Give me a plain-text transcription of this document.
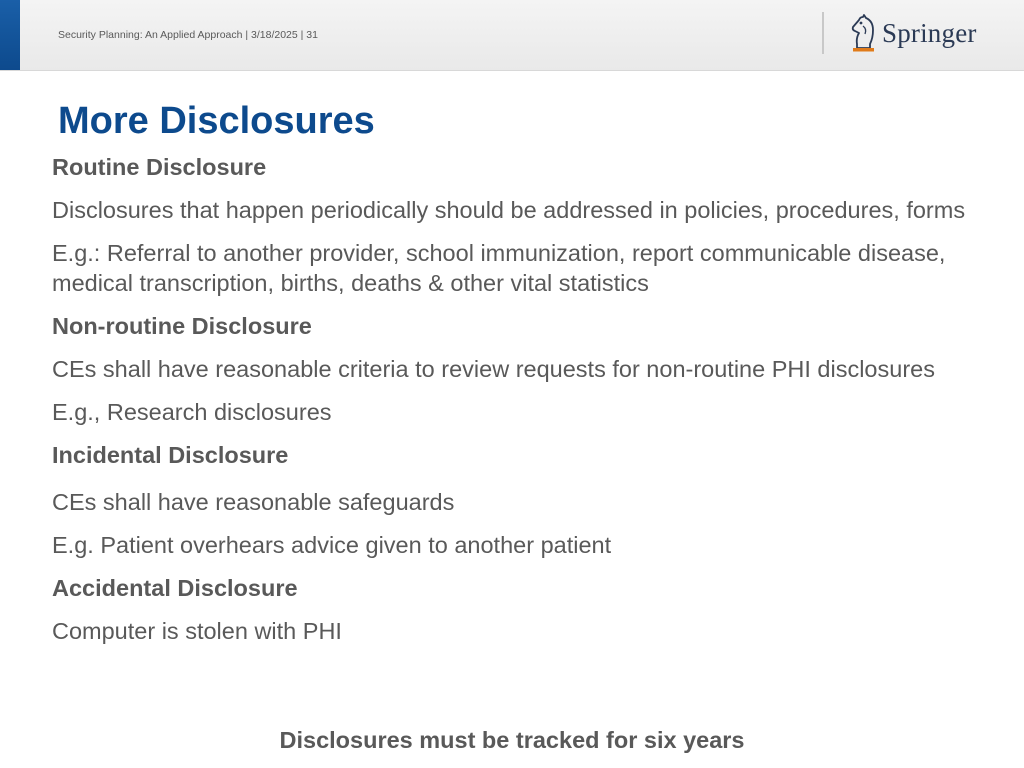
Security Planning: An Applied Approach | 3/18/2025 | 31	Springer
More Disclosures

Routine Disclosure

Disclosures that happen periodically should be addressed in policies, procedures, forms

E.g.: Referral to another provider, school immunization, report communicable disease, medical transcription, births, deaths & other vital statistics

Non-routine Disclosure

CEs shall have reasonable criteria to review requests for non-routine PHI disclosures

E.g., Research disclosures

Incidental Disclosure

CEs shall have reasonable safeguards

E.g. Patient overhears advice given to another patient

Accidental Disclosure

Computer is stolen with PHI

Disclosures must be tracked for six years
